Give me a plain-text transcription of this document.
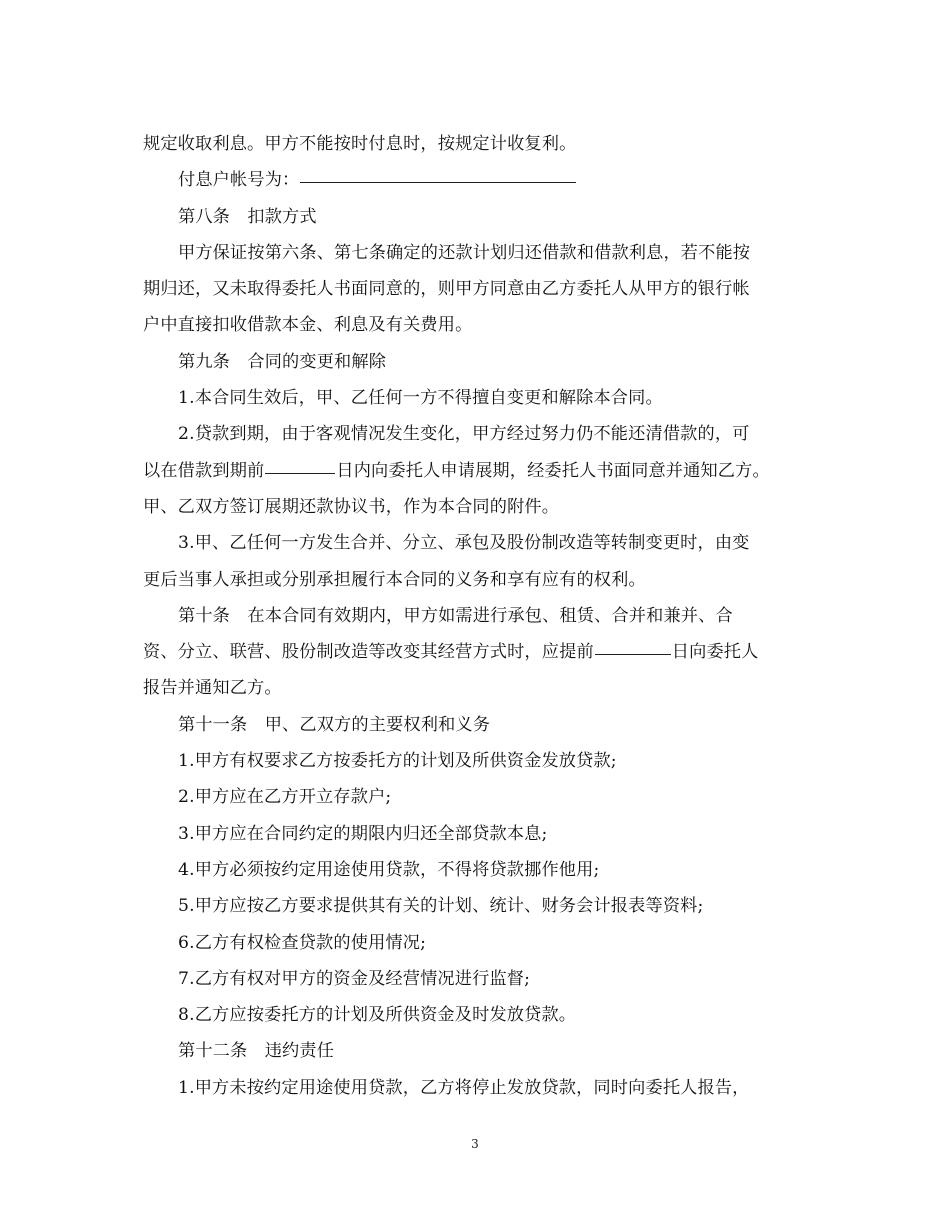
规定收取利息。甲方不能按时付息时，按规定计收复利。
付息户帐号为：
第八条　扣款方式
甲方保证按第六条、第七条确定的还款计划归还借款和借款利息，若不能按
期归还，又未取得委托人书面同意的，则甲方同意由乙方委托人从甲方的银行帐
户中直接扣收借款本金、利息及有关费用。
第九条　合同的变更和解除
1.本合同生效后，甲、乙任何一方不得擅自变更和解除本合同。
2.贷款到期，由于客观情况发生变化，甲方经过努力仍不能还清借款的，可
以在借款到期前	日内向委托人申请展期，经委托人书面同意并通知乙方。
甲、乙双方签订展期还款协议书，作为本合同的附件。
3.甲、乙任何一方发生合并、分立、承包及股份制改造等转制变更时，由变
更后当事人承担或分别承担履行本合同的义务和享有应有的权利。
第十条　在本合同有效期内，甲方如需进行承包、租赁、合并和兼并、合
资、分立、联营、股份制改造等改变其经营方式时，应提前	日向委托人
报告并通知乙方。
第十一条　甲、乙双方的主要权利和义务
1.甲方有权要求乙方按委托方的计划及所供资金发放贷款;
2.甲方应在乙方开立存款户;
3.甲方应在合同约定的期限内归还全部贷款本息;
4.甲方必须按约定用途使用贷款，不得将贷款挪作他用;
5.甲方应按乙方要求提供其有关的计划、统计、财务会计报表等资料;
6.乙方有权检查贷款的使用情况;
7.乙方有权对甲方的资金及经营情况进行监督;
8.乙方应按委托方的计划及所供资金及时发放贷款。
第十二条　违约责任
1.甲方未按约定用途使用贷款，乙方将停止发放贷款，同时向委托人报告，
3
